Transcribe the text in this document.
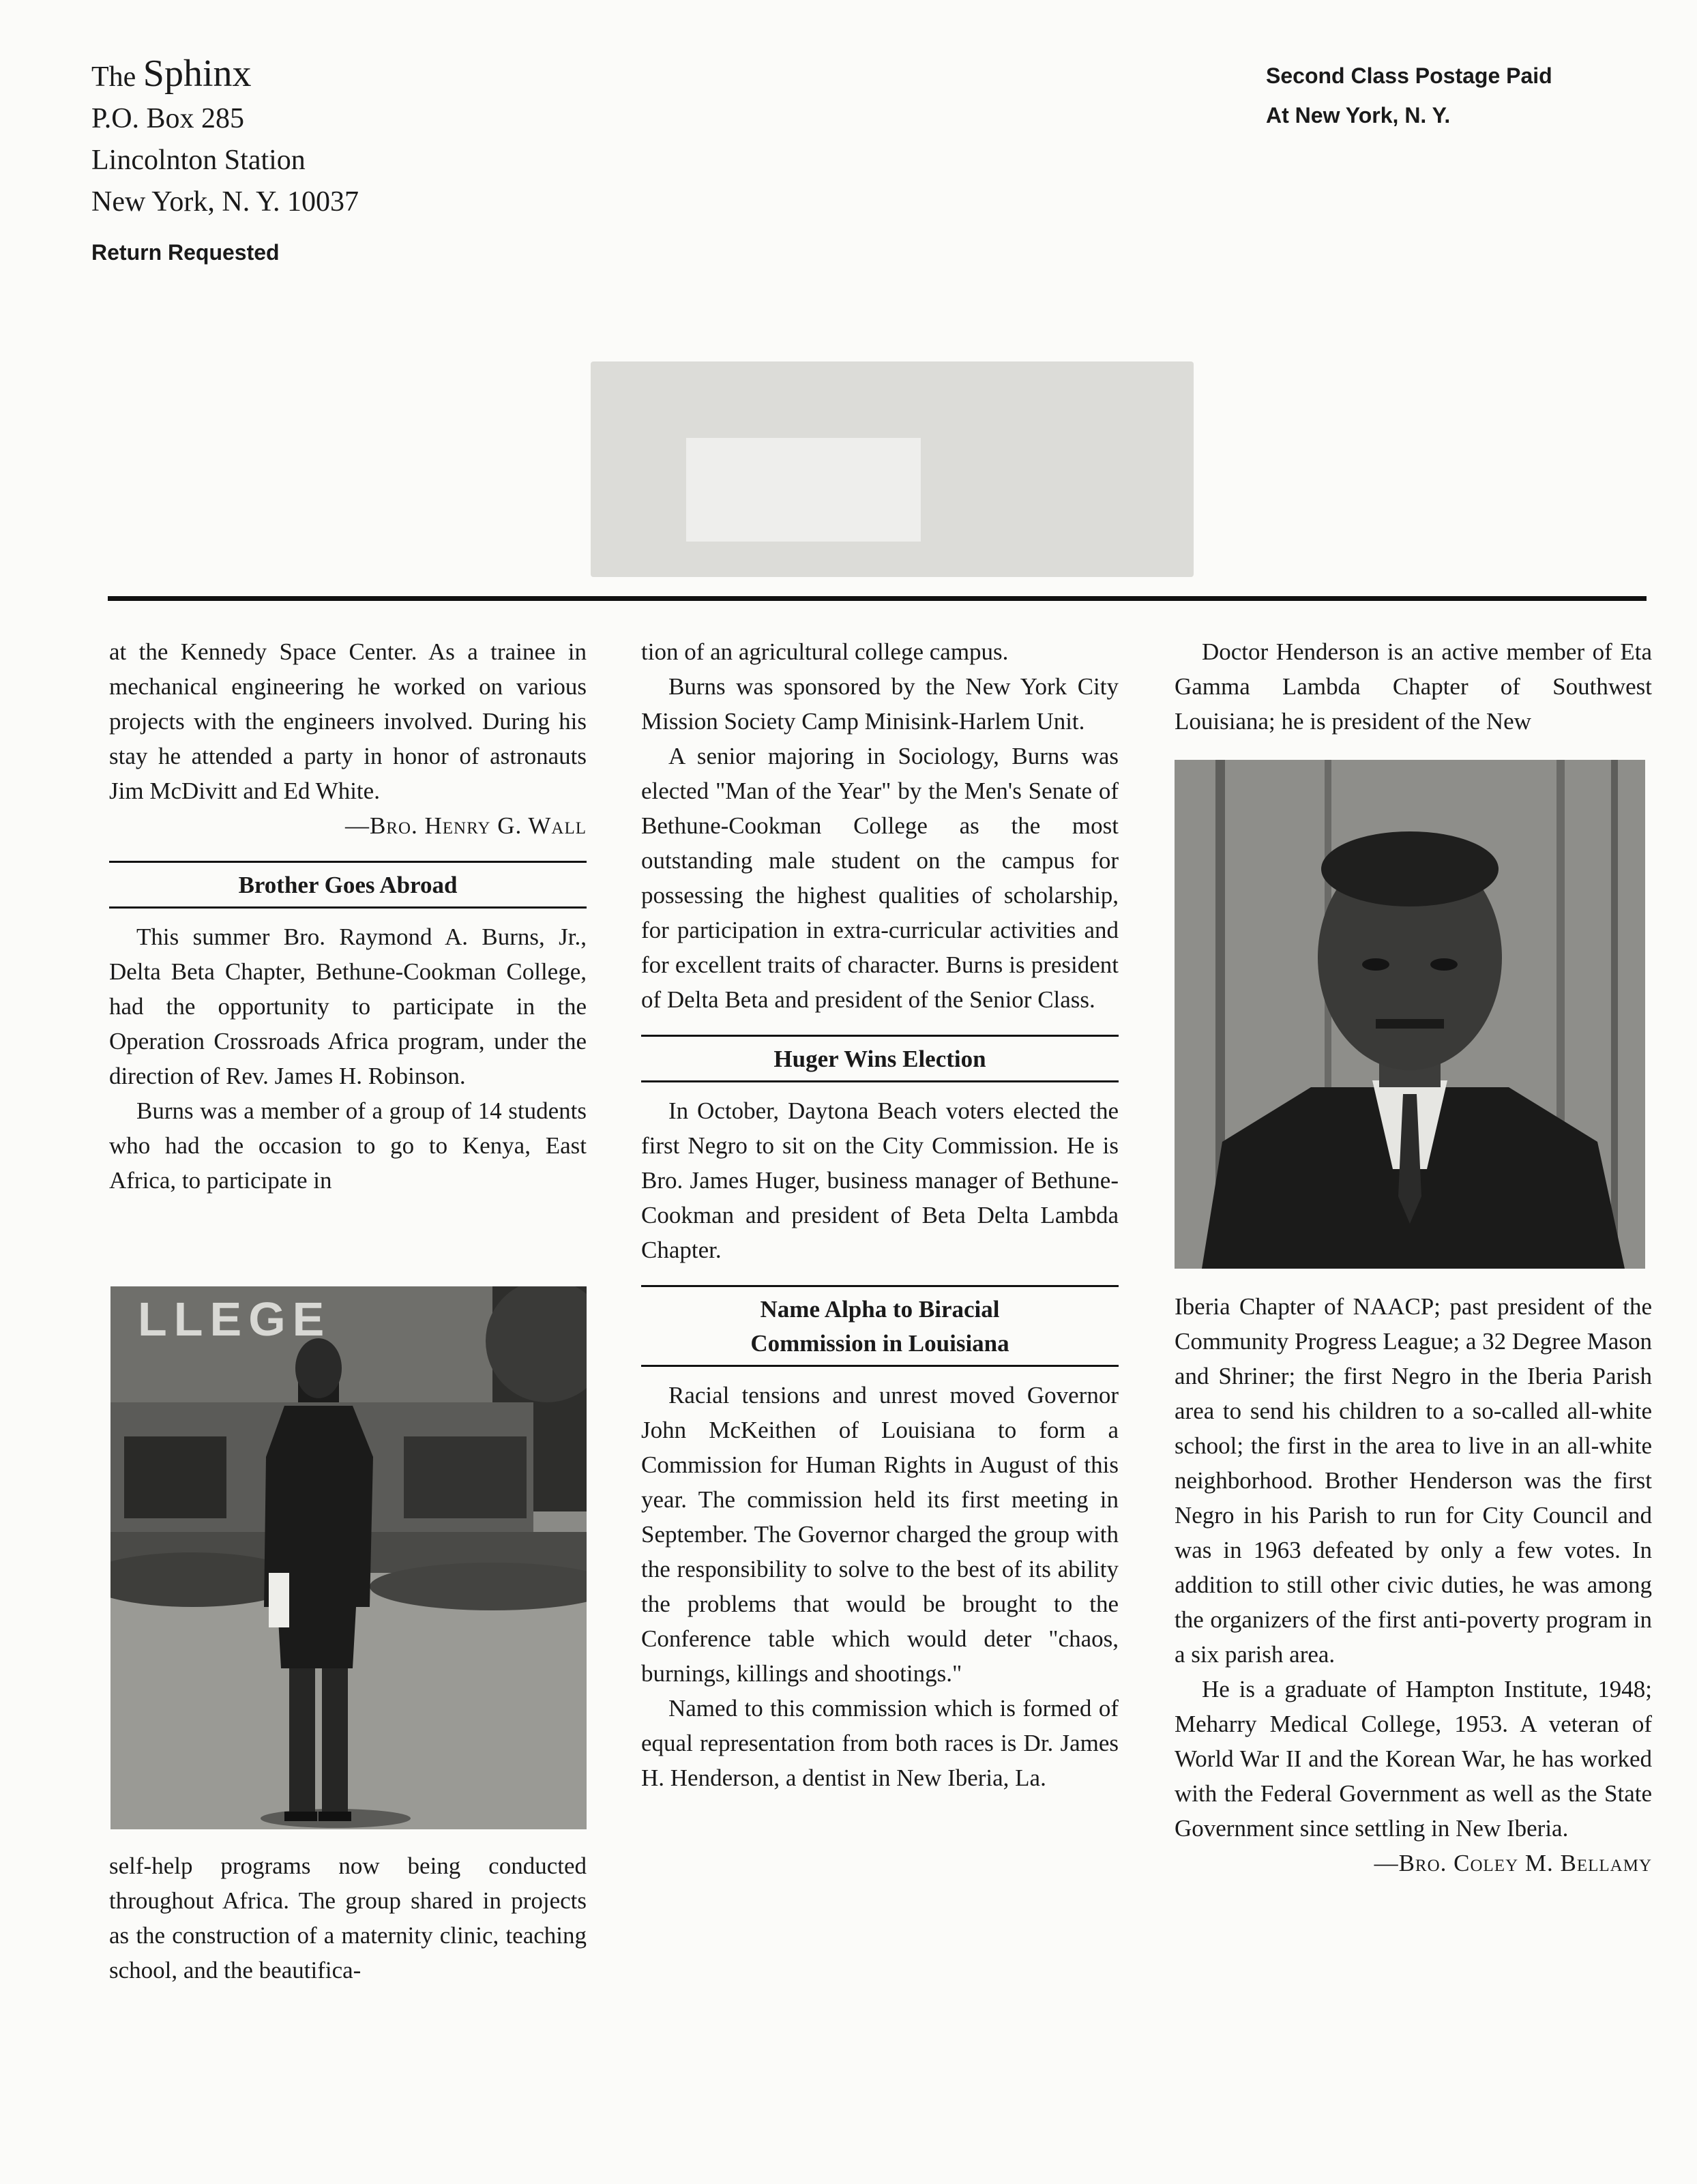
The Sphinx
P.O. Box 285
Lincolnton Station
New York, N. Y. 10037
Return Requested
Second Class Postage Paid
At New York, N. Y.

at the Kennedy Space Center. As a trainee in mechanical engineering he worked on various projects with the engineers involved. During his stay he attended a party in honor of astronauts Jim McDivitt and Ed White.

—Bro. Henry G. Wall

Brother Goes Abroad

This summer Bro. Raymond A. Burns, Jr., Delta Beta Chapter, Bethune-Cookman College, had the opportunity to participate in the Operation Crossroads Africa program, under the direction of Rev. James H. Robinson.

Burns was a member of a group of 14 students who had the occasion to go to Kenya, East Africa, to participate in

LLEGE

self-help programs now being conducted throughout Africa. The group shared in projects as the construction of a maternity clinic, teaching school, and the beautifica-

tion of an agricultural college campus.

Burns was sponsored by the New York City Mission Society Camp Minisink-Harlem Unit.

A senior majoring in Sociology, Burns was elected "Man of the Year" by the Men's Senate of Bethune-Cookman College as the most outstanding male student on the campus for possessing the highest qualities of scholarship, for participation in extra-curricular activities and for excellent traits of character. Burns is president of Delta Beta and president of the Senior Class.

Huger Wins Election

In October, Daytona Beach voters elected the first Negro to sit on the City Commission. He is Bro. James Huger, business manager of Bethune-Cookman and president of Beta Delta Lambda Chapter.

Name Alpha to Biracial
Commission in Louisiana

Racial tensions and unrest moved Governor John McKeithen of Louisiana to form a Commission for Human Rights in August of this year. The commission held its first meeting in September. The Governor charged the group with the responsibility to solve to the best of its ability the problems that would be brought to the Conference table which would deter "chaos, burnings, killings and shootings."

Named to this commission which is formed of equal representation from both races is Dr. James H. Henderson, a dentist in New Iberia, La.

Doctor Henderson is an active member of Eta Gamma Lambda Chapter of Southwest Louisiana; he is president of the New

Iberia Chapter of NAACP; past president of the Community Progress League; a 32 Degree Mason and Shriner; the first Negro in the Iberia Parish area to send his children to a so-called all-white school; the first in the area to live in an all-white neighborhood. Brother Henderson was the first Negro in his Parish to run for City Council and was in 1963 defeated by only a few votes. In addition to still other civic duties, he was among the organizers of the first anti-poverty program in a six parish area.

He is a graduate of Hampton Institute, 1948; Meharry Medical College, 1953. A veteran of World War II and the Korean War, he has worked with the Federal Government as well as the State Government since settling in New Iberia.

—Bro. Coley M. Bellamy
